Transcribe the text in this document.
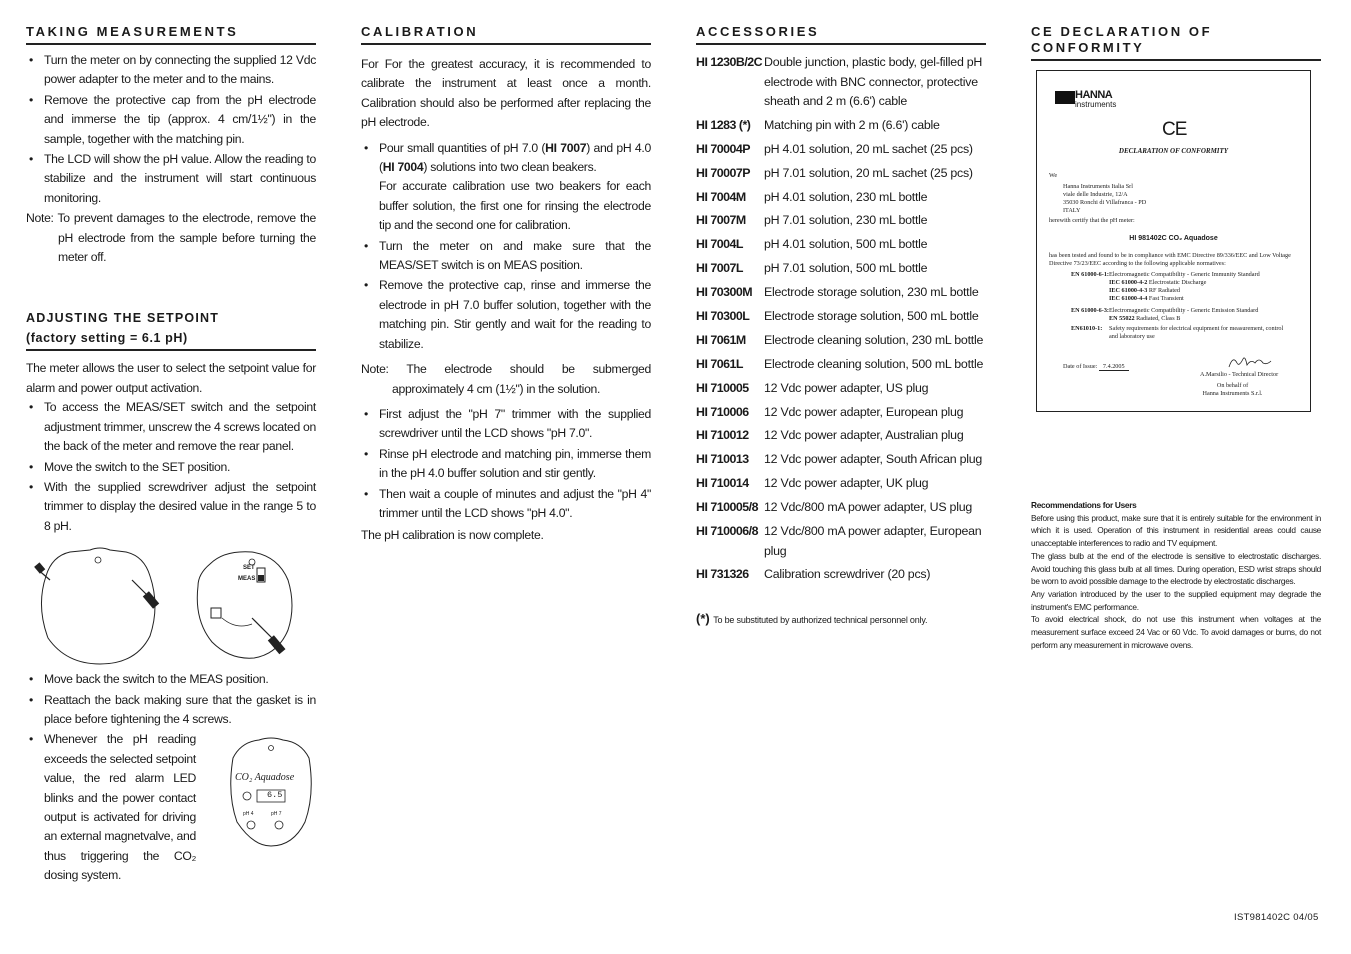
TAKING MEASUREMENTS
• Turn the meter on by connecting the supplied 12 Vdc power adapter to the meter and to the mains.
• Remove the protective cap from the pH electrode and immerse the tip (approx. 4 cm/1½") in the sample, together with the matching pin.
• The LCD will show the pH value. Allow the reading to stabilize and the instrument will start continuous monitoring.

Note: To prevent damages to the electrode, remove the pH electrode from the sample before turning the meter off.

ADJUSTING THE SETPOINT
(factory setting = 6.1 pH)

The meter allows the user to select the setpoint value for alarm and power output activation.

• To access the MEAS/SET switch and the setpoint adjustment trimmer, unscrew the 4 screws located on the back of the meter and remove the rear panel.
• Move the switch to the SET position.
• With the supplied screwdriver adjust the setpoint trimmer to display the desired value in the range 5 to 8 pH.
SET
MEAS
• Move back the switch to the MEAS position.
• Reattach the back making sure that the gasket is in place before tightening the 4 screws.
• Whenever the pH reading exceeds the selected setpoint value, the red alarm LED blinks and the power contact output is activated for driving an external magnetvalve, and thus triggering the CO₂ dosing system.
CO₂ Aquadose
6.5
pH 4	pH 7
CALIBRATION

For For the greatest accuracy, it is recommended to calibrate the instrument at least once a month. Calibration should also be performed after replacing the pH electrode.

• Pour small quantities of pH 7.0 (HI 7007) and pH 4.0 (HI 7004) solutions into two clean beakers.
For accurate calibration use two beakers for each buffer solution, the first one for rinsing the electrode tip and the second one for calibration.
• Turn the meter on and make sure that the MEAS/SET switch is on MEAS position.
• Remove the protective cap, rinse and immerse the electrode in pH 7.0 buffer solution, together with the matching pin. Stir gently and wait for the reading to stabilize.

Note: The electrode should be submerged approximately 4 cm (1½") in the solution.

• First adjust the "pH 7" trimmer with the supplied screwdriver until the LCD shows "pH 7.0".
• Rinse pH electrode and matching pin, immerse them in the pH 4.0 buffer solution and stir gently.
• Then wait a couple of minutes and adjust the "pH 4" trimmer until the LCD shows "pH 4.0".

The pH calibration is now complete.

ACCESSORIES
HI 1230B/2C Double junction, plastic body, gel-filled pH electrode with BNC connector, protective sheath and 2 m (6.6') cable
HI 1283 (*)	Matching pin with 2 m (6.6') cable
HI 70004P	pH 4.01 solution, 20 mL sachet (25 pcs)
HI 70007P	pH 7.01 solution, 20 mL sachet (25 pcs)
HI 7004M	pH 4.01 solution, 230 mL bottle
HI 7007M	pH 7.01 solution, 230 mL bottle
HI 7004L	pH 4.01 solution, 500 mL bottle
HI 7007L	pH 7.01 solution, 500 mL bottle
HI 70300M Electrode storage solution, 230 mL bottle
HI 70300L	Electrode storage solution, 500 mL bottle
HI 7061M	Electrode cleaning solution, 230 mL bottle
HI 7061L	Electrode cleaning solution, 500 mL bottle
HI 710005	12 Vdc power adapter, US plug
HI 710006	12 Vdc power adapter, European plug
HI 710012	12 Vdc power adapter, Australian plug
HI 710013	12 Vdc power adapter, South African plug
HI 710014	12 Vdc power adapter, UK plug
HI 710005/8 12 Vdc/800 mA power adapter, US plug
HI 710006/8 12 Vdc/800 mA power adapter, European plug
HI 731326	Calibration screwdriver (20 pcs)
(*) To be substituted by authorized technical personnel only.
CE DECLARATION OF CONFORMITY
HANNA
instruments
CE
DECLARATION OF CONFORMITY
We
Hanna Instruments Italia Srl
viale delle Industrie, 12/A
35030 Ronchi di Villafranca - PD
ITALY
herewith certify that the pH meter:
HI 981402C CO₂ Aquadose
has been tested and found to be in compliance with EMC Directive 89/336/EEC and Low Voltage Directive 73/23/EEC according to the following applicable normatives:
EN 61000-6-1:Electromagnetic Compatibility - Generic Immunity Standard
IEC 61000-4-2 Electrostatic Discharge
IEC 61000-4-3 RF Radiated
IEC 61000-4-4 Fast Transient
EN 61000-6-3:Electromagnetic Compatibility - Generic Emission Standard
EN 55022 Radiated, Class B
EN61010-1:	Safety requirements for electrical equipment for measurement, control and laboratory use
Date of Issue: 7.4.2005
A.Marsilio - Technical Director
On behalf of
Hanna Instruments S.r.l.
Recommendations for Users

Before using this product, make sure that it is entirely suitable for the environment in which it is used. Operation of this instrument in residential areas could cause unacceptable interferences to radio and TV equipment.

The glass bulb at the end of the electrode is sensitive to electrostatic discharges. Avoid touching this glass bulb at all times. During operation, ESD wrist straps should be worn to avoid possible damage to the electrode by electrostatic discharges.

Any variation introduced by the user to the supplied equipment may degrade the instrument's EMC performance.

To avoid electrical shock, do not use this instrument when voltages at the measurement surface exceed 24 Vac or 60 Vdc. To avoid damages or burns, do not perform any measurement in microwave ovens.

IST981402C 04/05
